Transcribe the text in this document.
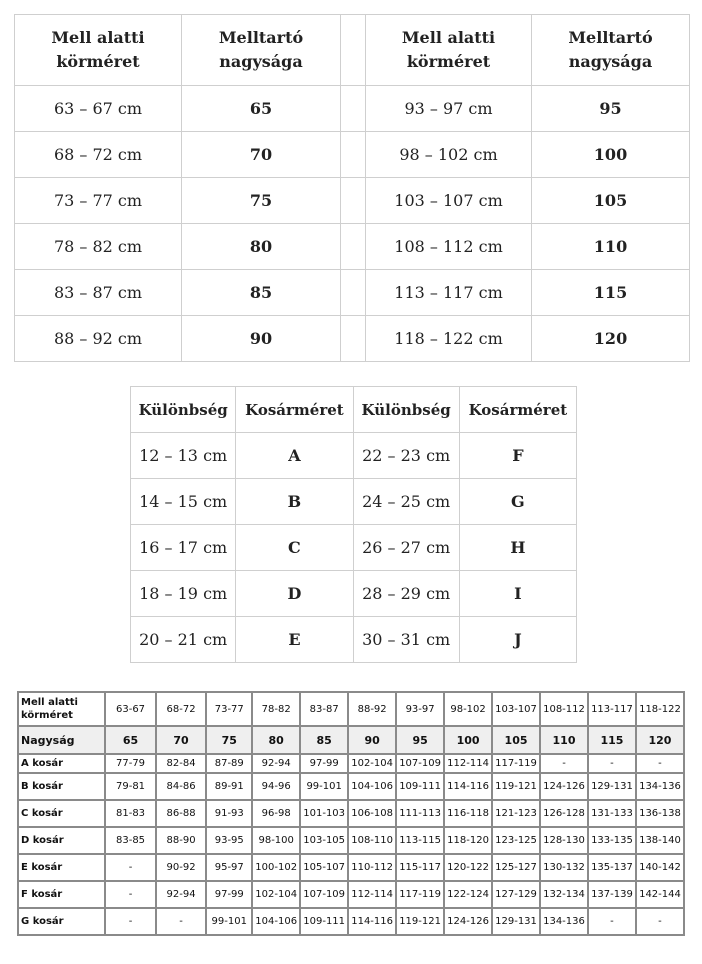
Mell alatti
körméret	Melltartó
nagysága		Mell alatti
körméret	Melltartó
nagysága
63 – 67 cm	65		93 – 97 cm	95
68 – 72 cm	70		98 – 102 cm	100
73 – 77 cm	75		103 – 107 cm	105
78 – 82 cm	80		108 – 112 cm	110
83 – 87 cm	85		113 – 117 cm	115
88 – 92 cm	90		118 – 122 cm	120
Különbség	Kosárméret	Különbség	Kosárméret
12 – 13 cm	A	22 – 23 cm	F
14 – 15 cm	B	24 – 25 cm	G
16 – 17 cm	C	26 – 27 cm	H
18 – 19 cm	D	28 – 29 cm	I
20 – 21 cm	E	30 – 31 cm	J
Mell alatti
körméret	63-67	68-72	73-77	78-82	83-87	88-92	93-97	98-102	103-107	108-112	113-117	118-122
Nagyság	65	70	75	80	85	90	95	100	105	110	115	120
A kosár	77-79	82-84	87-89	92-94	97-99	102-104	107-109	112-114	117-119	-	-	-
B kosár	79-81	84-86	89-91	94-96	99-101	104-106	109-111	114-116	119-121	124-126	129-131	134-136
C kosár	81-83	86-88	91-93	96-98	101-103	106-108	111-113	116-118	121-123	126-128	131-133	136-138
D kosár	83-85	88-90	93-95	98-100	103-105	108-110	113-115	118-120	123-125	128-130	133-135	138-140
E kosár	-	90-92	95-97	100-102	105-107	110-112	115-117	120-122	125-127	130-132	135-137	140-142
F kosár	-	92-94	97-99	102-104	107-109	112-114	117-119	122-124	127-129	132-134	137-139	142-144
G kosár	-	-	99-101	104-106	109-111	114-116	119-121	124-126	129-131	134-136	-	-
